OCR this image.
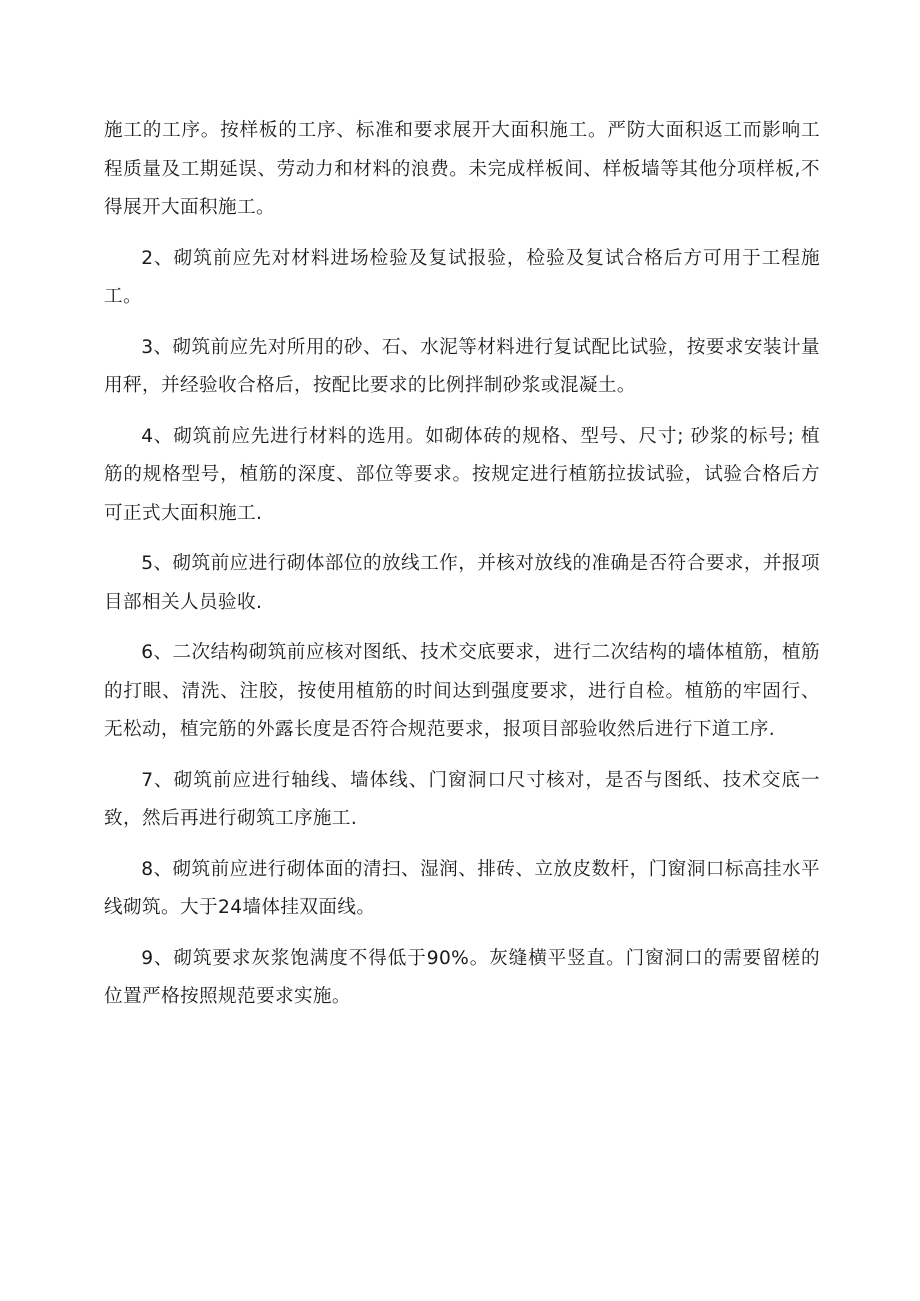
施工的工序。按样板的工序、标准和要求展开大面积施工。严防大面积返工而影响工程质量及工期延误、劳动力和材料的浪费。未完成样板间、样板墙等其他分项样板,不得展开大面积施工。

2、砌筑前应先对材料进场检验及复试报验，检验及复试合格后方可用于工程施工。

3、砌筑前应先对所用的砂、石、水泥等材料进行复试配比试验，按要求安装计量用秤，并经验收合格后，按配比要求的比例拌制砂浆或混凝土。

4、砌筑前应先进行材料的选用。如砌体砖的规格、型号、尺寸; 砂浆的标号; 植筋的规格型号，植筋的深度、部位等要求。按规定进行植筋拉拔试验，试验合格后方可正式大面积施工.

5、砌筑前应进行砌体部位的放线工作，并核对放线的准确是否符合要求，并报项目部相关人员验收.

6、二次结构砌筑前应核对图纸、技术交底要求，进行二次结构的墙体植筋，植筋的打眼、清洗、注胶，按使用植筋的时间达到强度要求，进行自检。植筋的牢固行、无松动，植完筋的外露长度是否符合规范要求，报项目部验收然后进行下道工序.

7、砌筑前应进行轴线、墙体线、门窗洞口尺寸核对，是否与图纸、技术交底一致，然后再进行砌筑工序施工.

8、砌筑前应进行砌体面的清扫、湿润、排砖、立放皮数杆，门窗洞口标高挂水平线砌筑。大于24墙体挂双面线。

9、砌筑要求灰浆饱满度不得低于90%。灰缝横平竖直。门窗洞口的需要留槎的位置严格按照规范要求实施。
